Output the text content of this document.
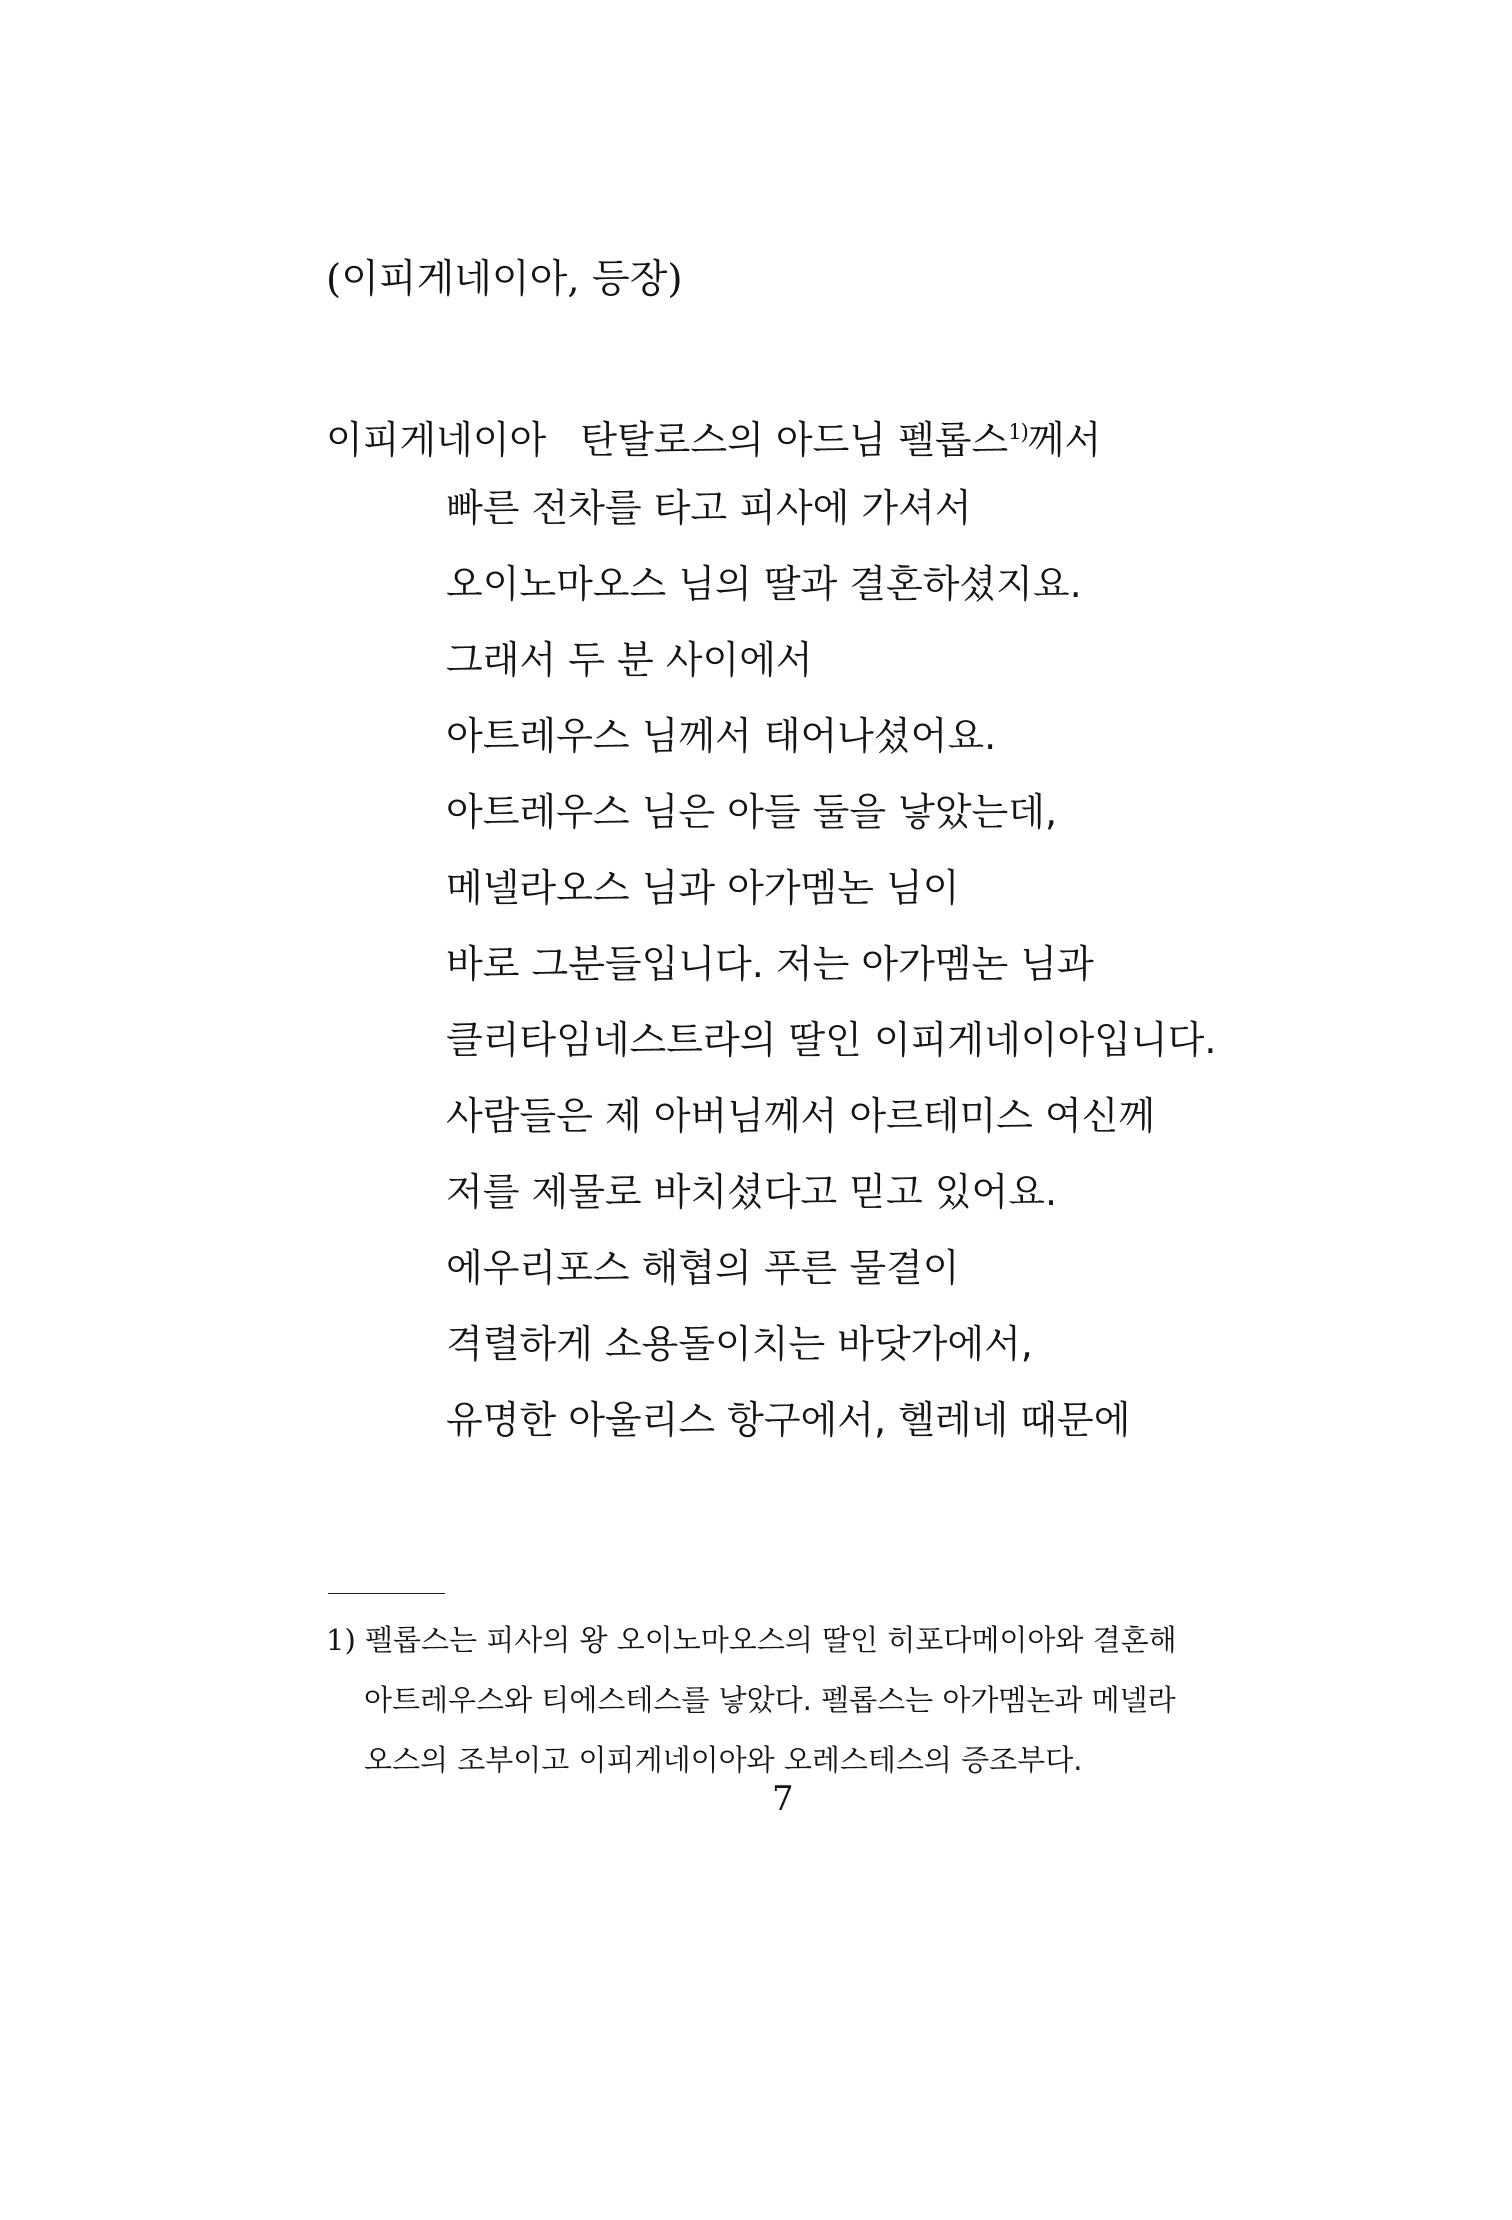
(이피게네이아, 등장)
이피게네이아 탄탈로스의 아드님 펠롭스$^{1)}$께서
빠른 전차를 타고 피사에 가셔서
오이노마오스 님의 딸과 결혼하셨지요.
그래서 두 분 사이에서
아트레우스 님께서 태어나셨어요.
아트레우스 님은 아들 둘을 낳았는데,
메넬라오스 님과 아가멤논 님이
바로 그분들입니다. 저는 아가멤논 님과
클리타임네스트라의 딸인 이피게네이아입니다.
사람들은 제 아버님께서 아르테미스 여신께
저를 제물로 바치셨다고 믿고 있어요.
에우리포스 해협의 푸른 물결이
격렬하게 소용돌이치는 바닷가에서,
유명한 아울리스 항구에서, 헬레네 때문에
1) 펠롭스는 피사의 왕 오이노마오스의 딸인 히포다메이아와 결혼해
아트레우스와 티에스테스를 낳았다. 펠롭스는 아가멤논과 메넬라
오스의 조부이고 이피게네이아와 오레스테스의 증조부다.
7
